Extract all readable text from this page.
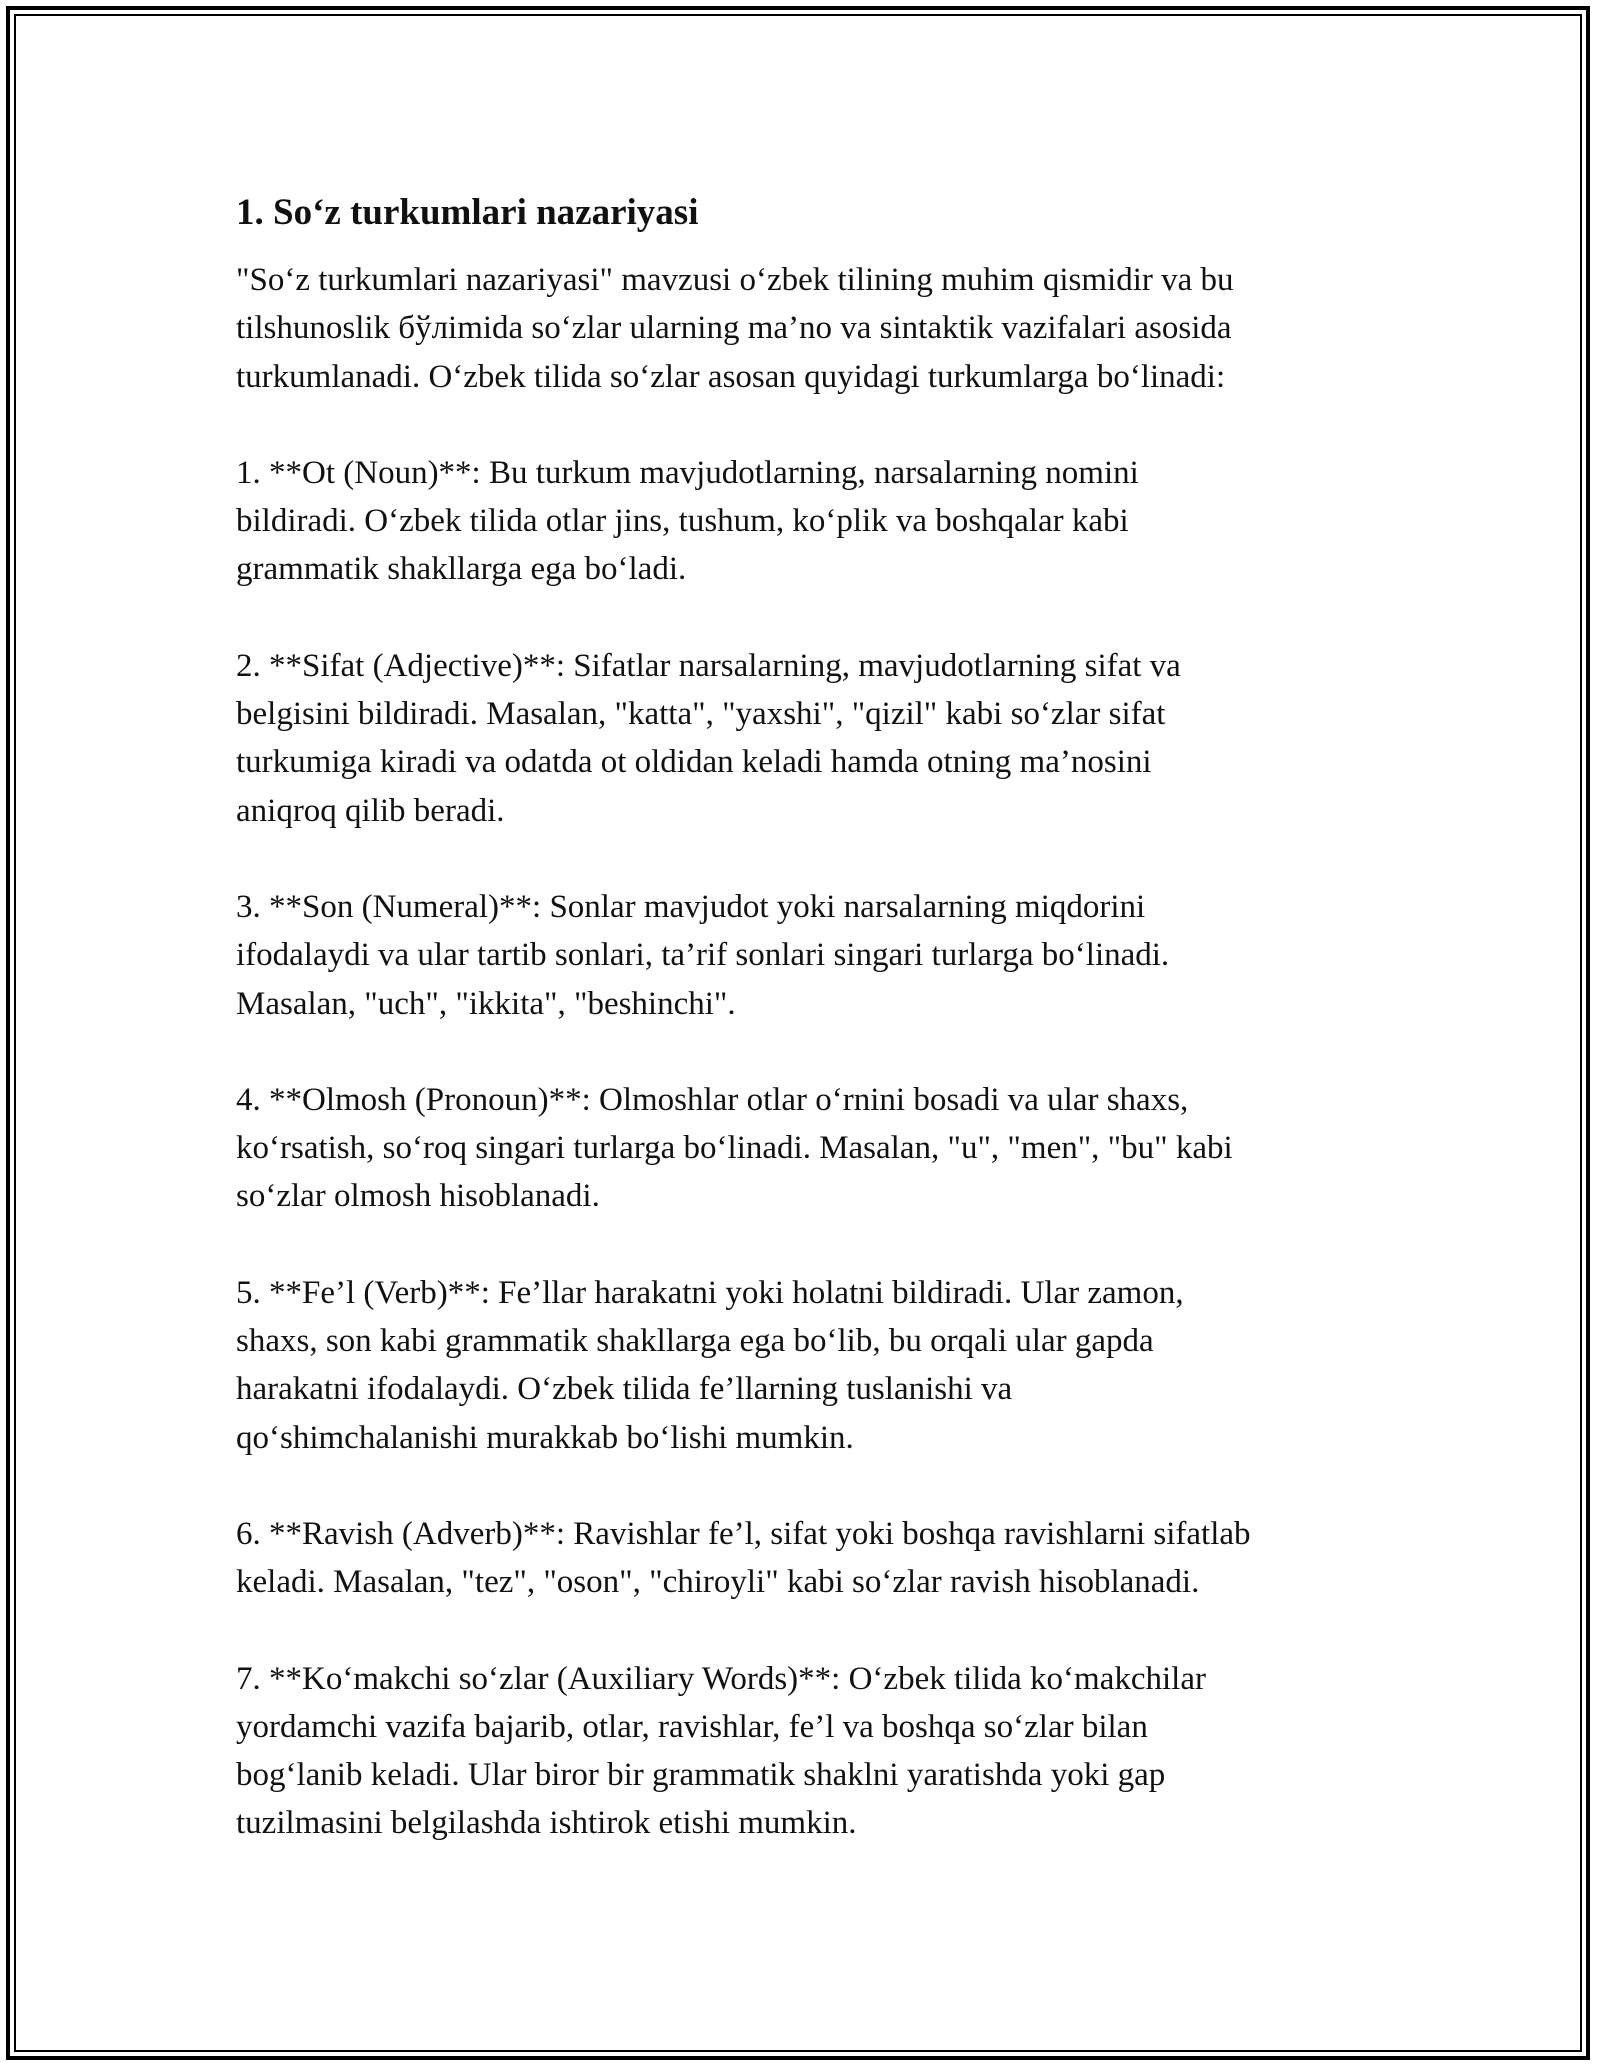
1. So‘z turkumlari nazariyasi
"So‘z turkumlari nazariyasi" mavzusi o‘zbek tilining muhim qismidir va bu
tilshunoslik бўлimida so‘zlar ularning ma’no va sintaktik vazifalari asosida
turkumlanadi. O‘zbek tilida so‘zlar asosan quyidagi turkumlarga bo‘linadi:
1. **Ot (Noun)**: Bu turkum mavjudotlarning, narsalarning nomini
bildiradi. O‘zbek tilida otlar jins, tushum, ko‘plik va boshqalar kabi
grammatik shakllarga ega bo‘ladi.
2. **Sifat (Adjective)**: Sifatlar narsalarning, mavjudotlarning sifat va
belgisini bildiradi. Masalan, "katta", "yaxshi", "qizil" kabi so‘zlar sifat
turkumiga kiradi va odatda ot oldidan keladi hamda otning ma’nosini
aniqroq qilib beradi.
3. **Son (Numeral)**: Sonlar mavjudot yoki narsalarning miqdorini
ifodalaydi va ular tartib sonlari, ta’rif sonlari singari turlarga bo‘linadi.
Masalan, "uch", "ikkita", "beshinchi".
4. **Olmosh (Pronoun)**: Olmoshlar otlar o‘rnini bosadi va ular shaxs,
ko‘rsatish, so‘roq singari turlarga bo‘linadi. Masalan, "u", "men", "bu" kabi
so‘zlar olmosh hisoblanadi.
5. **Fe’l (Verb)**: Fe’llar harakatni yoki holatni bildiradi. Ular zamon,
shaxs, son kabi grammatik shakllarga ega bo‘lib, bu orqali ular gapda
harakatni ifodalaydi. O‘zbek tilida fe’llarning tuslanishi va
qo‘shimchalanishi murakkab bo‘lishi mumkin.
6. **Ravish (Adverb)**: Ravishlar fe’l, sifat yoki boshqa ravishlarni sifatlab
keladi. Masalan, "tez", "oson", "chiroyli" kabi so‘zlar ravish hisoblanadi.
7. **Ko‘makchi so‘zlar (Auxiliary Words)**: O‘zbek tilida ko‘makchilar
yordamchi vazifa bajarib, otlar, ravishlar, fe’l va boshqa so‘zlar bilan
bog‘lanib keladi. Ular biror bir grammatik shaklni yaratishda yoki gap
tuzilmasini belgilashda ishtirok etishi mumkin.
